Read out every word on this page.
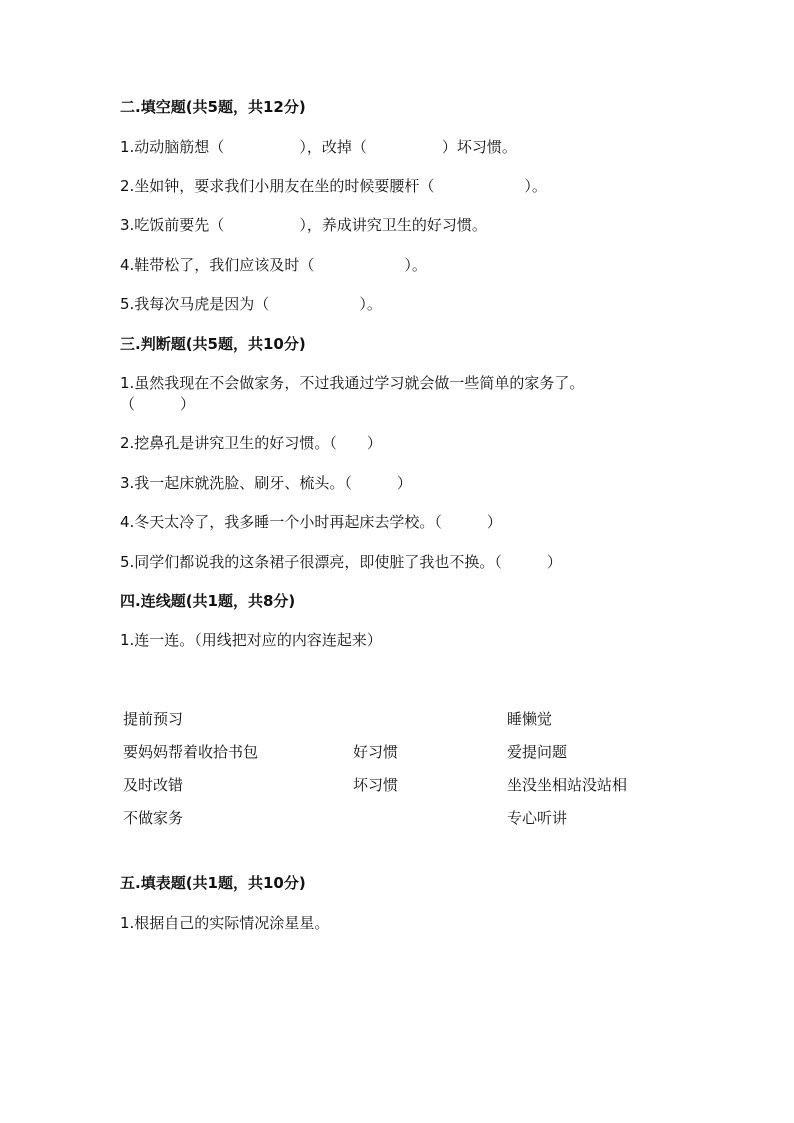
二.填空题(共5题，共12分)
1.动动脑筋想（　　　　　），改掉（　　　　　）坏习惯。
2.坐如钟，要求我们小朋友在坐的时候要腰杆（　　　　　　）。
3.吃饭前要先（　　　　　），养成讲究卫生的好习惯。
4.鞋带松了，我们应该及时（　　　　　　）。
5.我每次马虎是因为（　　　　　　）。
三.判断题(共5题，共10分)
1.虽然我现在不会做家务，不过我通过学习就会做一些简单的家务了。
（　　　）
2.挖鼻孔是讲究卫生的好习惯。（　　）
3.我一起床就洗脸、刷牙、梳头。（　　　）
4.冬天太冷了，我多睡一个小时再起床去学校。（　　　）
5.同学们都说我的这条裙子很漂亮，即使脏了我也不换。（　　　）
四.连线题(共1题，共8分)
1.连一连。（用线把对应的内容连起来）
提前预习
要妈妈帮着收拾书包
及时改错
不做家务
好习惯
坏习惯
睡懒觉
爱提问题
坐没坐相站没站相
专心听讲
五.填表题(共1题，共10分)
1.根据自己的实际情况涂星星。
